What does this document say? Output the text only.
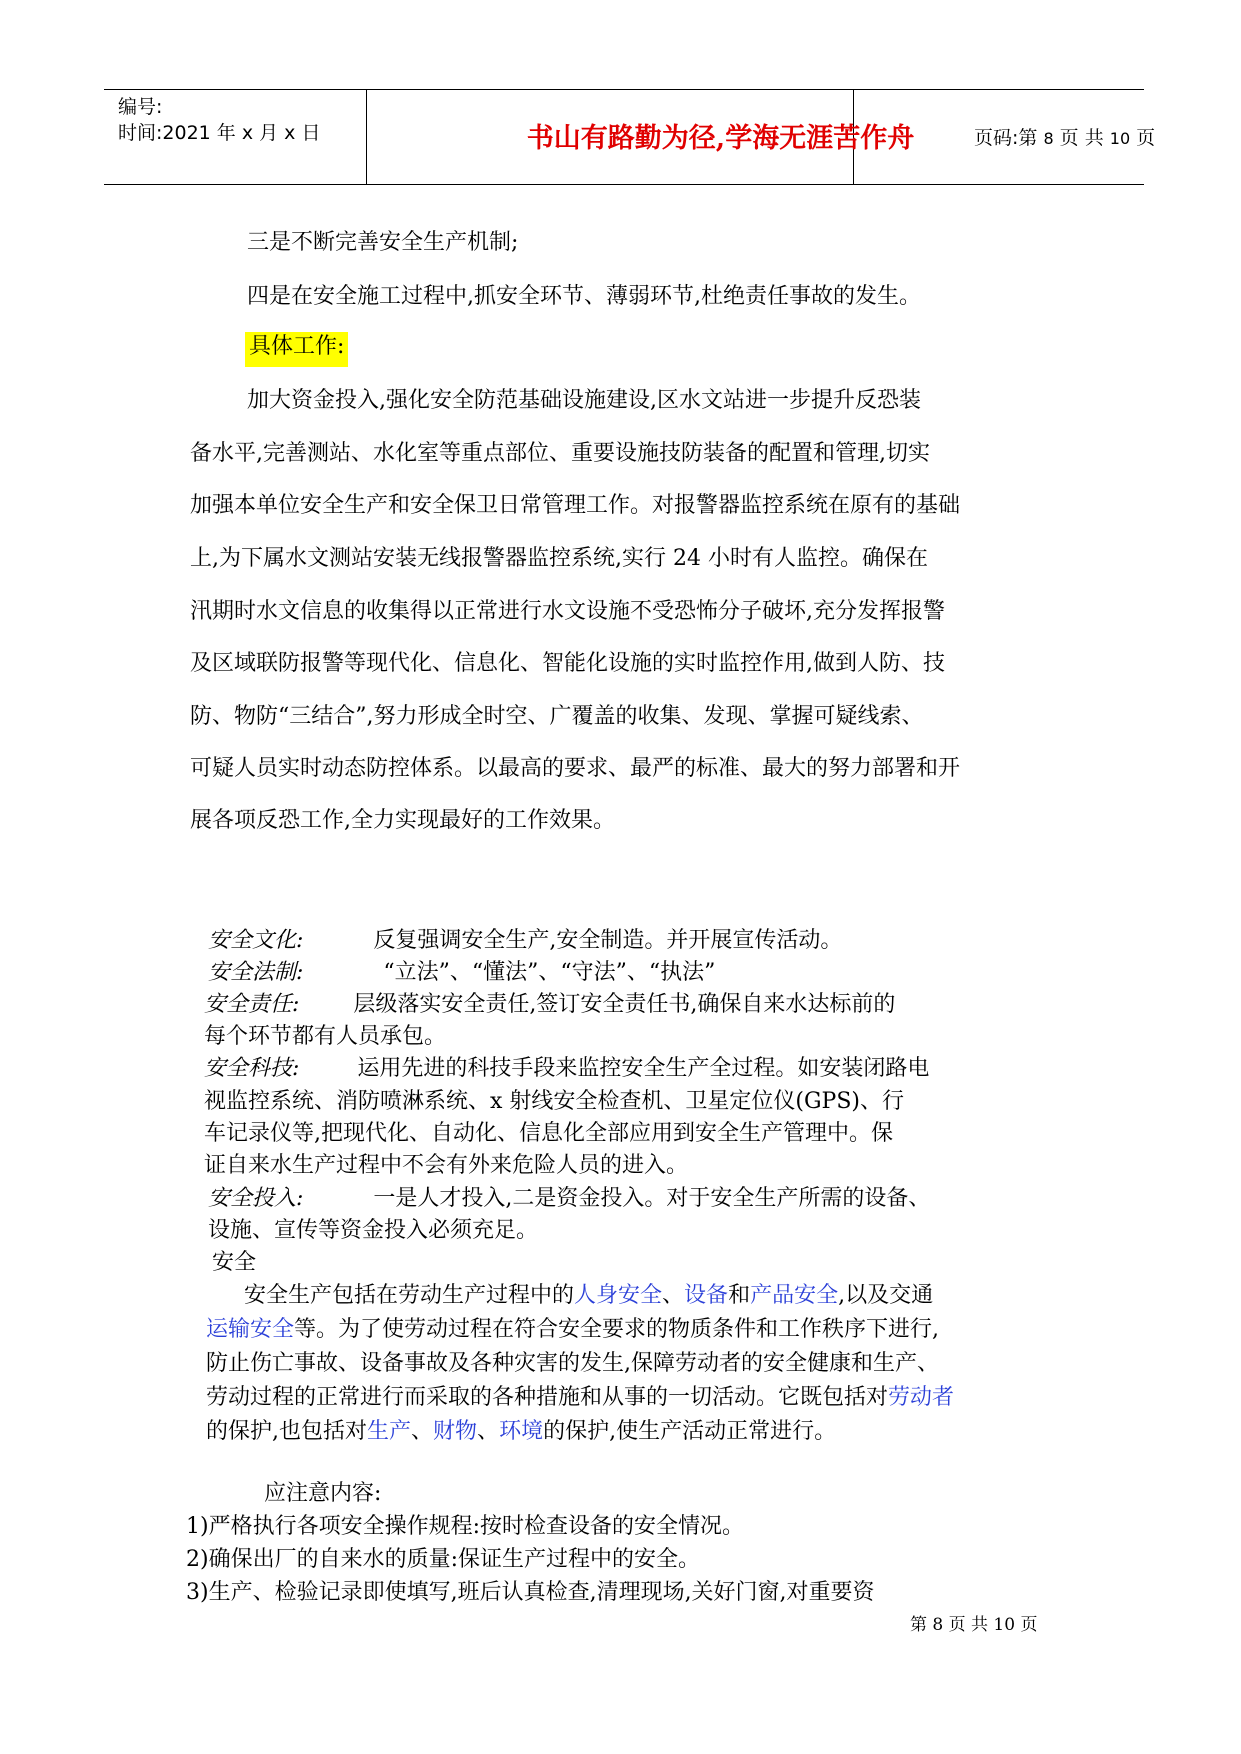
编号:
时间:2021 年 x 月 x 日	书山有路勤为径,学海无涯苦作舟	页码:第 8 页 共 10 页
三是不断完善安全生产机制;
四是在安全施工过程中,抓安全环节、薄弱环节,杜绝责任事故的发生。
具体工作:
加大资金投入,强化安全防范基础设施建设,区水文站进一步提升反恐装
备水平,完善测站、水化室等重点部位、重要设施技防装备的配置和管理,切实
加强本单位安全生产和安全保卫日常管理工作。对报警器监控系统在原有的基础
上,为下属水文测站安装无线报警器监控系统,实行 24 小时有人监控。确保在
汛期时水文信息的收集得以正常进行水文设施不受恐怖分子破坏,充分发挥报警
及区域联防报警等现代化、信息化、智能化设施的实时监控作用,做到人防、技
防、物防“三结合”,努力形成全时空、广覆盖的收集、发现、掌握可疑线索、
可疑人员实时动态防控体系。以最高的要求、最严的标准、最大的努力部署和开
展各项反恐工作,全力实现最好的工作效果。
安全文化:	反复强调安全生产,安全制造。并开展宣传活动。
安全法制:	“立法”、“懂法”、“守法”、“执法”
安全责任: 层级落实安全责任,签订安全责任书,确保自来水达标前的
每个环节都有人员承包。
安全科技:	运用先进的科技手段来监控安全生产全过程。如安装闭路电
视监控系统、消防喷淋系统、x 射线安全检查机、卫星定位仪(GPS)、行
车记录仪等,把现代化、自动化、信息化全部应用到安全生产管理中。保
证自来水生产过程中不会有外来危险人员的进入。
安全投入:	一是人才投入,二是资金投入。对于安全生产所需的设备、
设施、宣传等资金投入必须充足。
安全
安全生产包括在劳动生产过程中的人身安全、设备和产品安全,以及交通
运输安全等。为了使劳动过程在符合安全要求的物质条件和工作秩序下进行,
防止伤亡事故、设备事故及各种灾害的发生,保障劳动者的安全健康和生产、
劳动过程的正常进行而采取的各种措施和从事的一切活动。它既包括对劳动者
的保护,也包括对生产、财物、环境的保护,使生产活动正常进行。
应注意内容:
1)严格执行各项安全操作规程:按时检查设备的安全情况。
2)确保出厂的自来水的质量:保证生产过程中的安全。
3)生产、检验记录即使填写,班后认真检查,清理现场,关好门窗,对重要资
第 8 页 共 10 页
